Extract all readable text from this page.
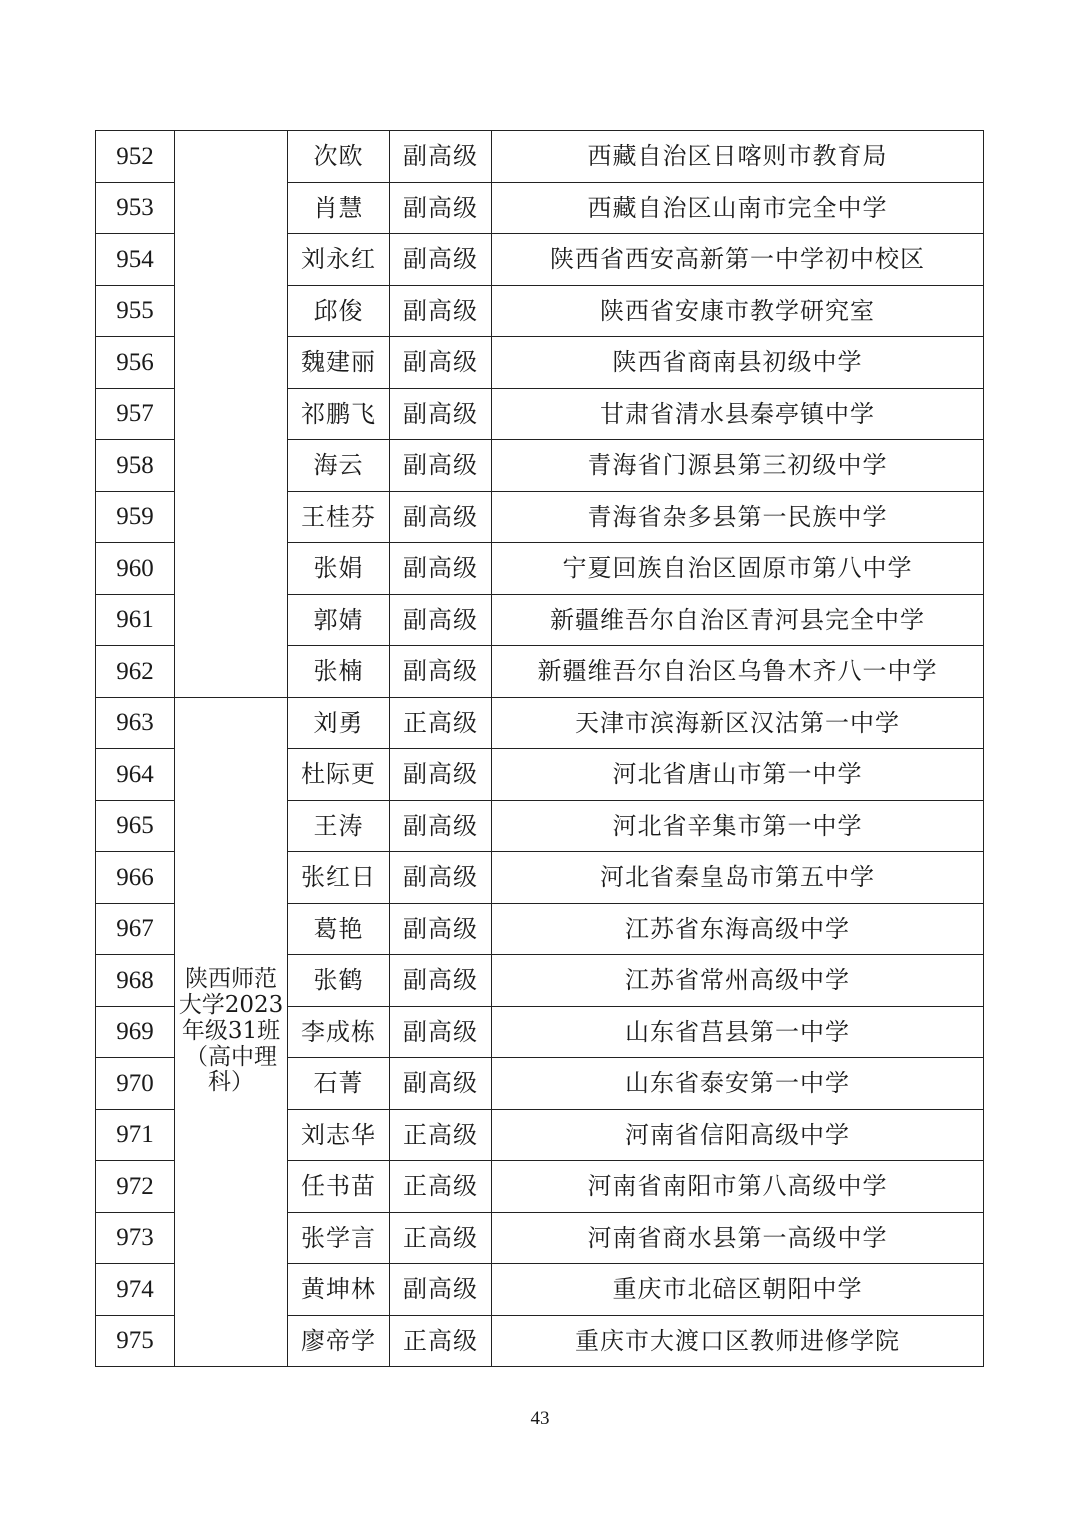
952		次欧	副高级	西藏自治区日喀则市教育局
953		肖慧	副高级	西藏自治区山南市完全中学
954		刘永红	副高级	陕西省西安高新第一中学初中校区
955		邱俊	副高级	陕西省安康市教学研究室
956		魏建丽	副高级	陕西省商南县初级中学
957		祁鹏飞	副高级	甘肃省清水县秦亭镇中学
958		海云	副高级	青海省门源县第三初级中学
959		王桂芬	副高级	青海省杂多县第一民族中学
960		张娟	副高级	宁夏回族自治区固原市第八中学
961		郭婧	副高级	新疆维吾尔自治区青河县完全中学
962		张楠	副高级	新疆维吾尔自治区乌鲁木齐八一中学
963	陕西师范大学2023年级31班（高中理科）	刘勇	正高级	天津市滨海新区汉沽第一中学
964		杜际更	副高级	河北省唐山市第一中学
965		王涛	副高级	河北省辛集市第一中学
966		张红日	副高级	河北省秦皇岛市第五中学
967		葛艳	副高级	江苏省东海高级中学
968		张鹤	副高级	江苏省常州高级中学
969		李成栋	副高级	山东省莒县第一中学
970		石菁	副高级	山东省泰安第一中学
971		刘志华	正高级	河南省信阳高级中学
972		任书苗	正高级	河南省南阳市第八高级中学
973		张学言	正高级	河南省商水县第一高级中学
974		黄坤林	副高级	重庆市北碚区朝阳中学
975		廖帝学	正高级	重庆市大渡口区教师进修学院
43
